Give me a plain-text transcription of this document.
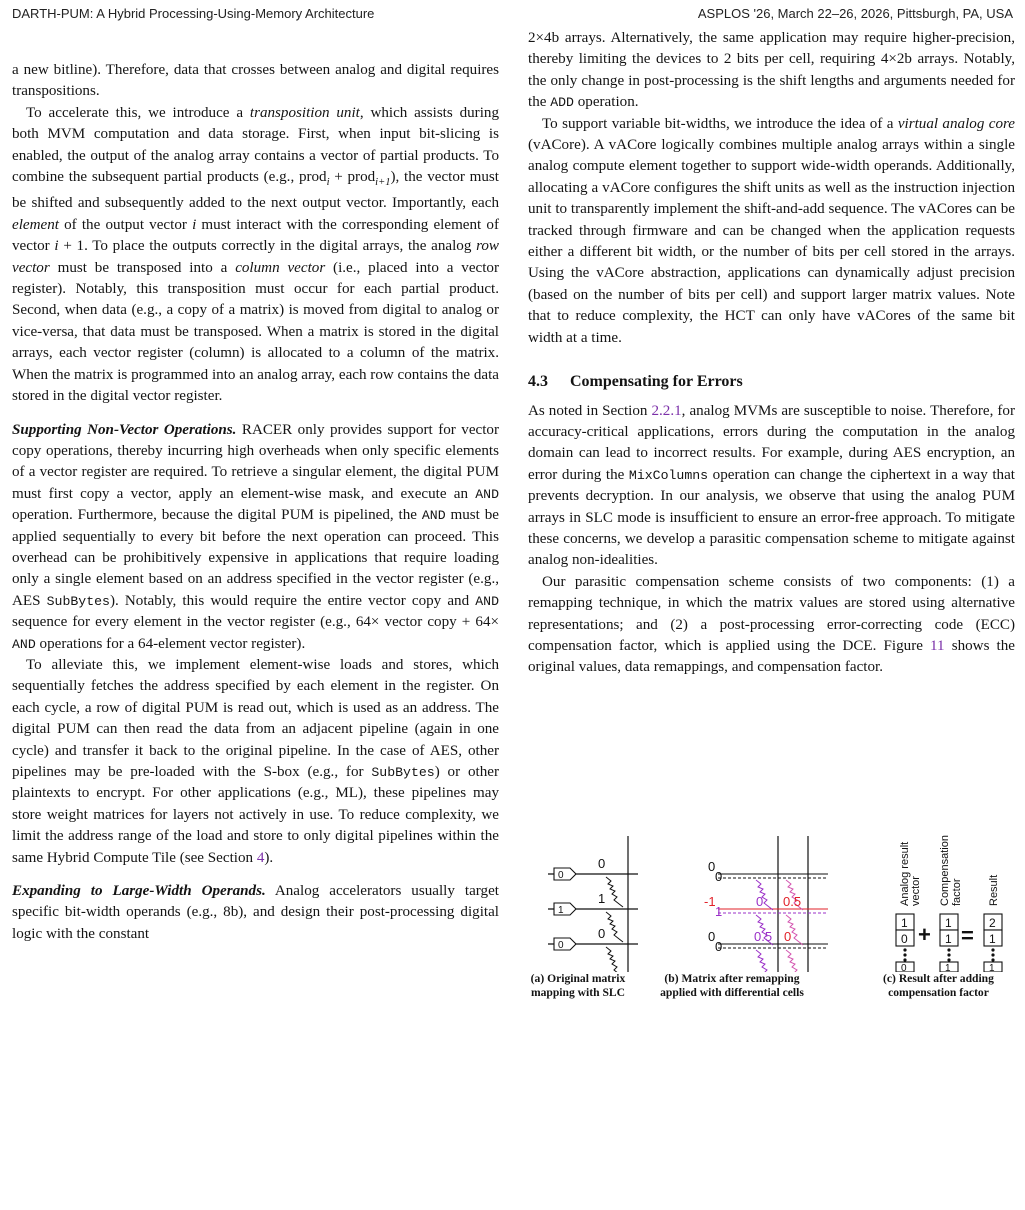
DARTH-PUM: A Hybrid Processing-Using-Memory Architecture	ASPLOS '26, March 22–26, 2026, Pittsburgh, PA, USA

a new bitline). Therefore, data that crosses between analog and digital requires transpositions.

To accelerate this, we introduce a transposition unit, which assists during both MVM computation and data storage. First, when input bit-slicing is enabled, the output of the analog array contains a vector of partial products. To combine the subsequent partial products (e.g., prod$_i$ + prod$_{i+1}$), the vector must be shifted and subsequently added to the next output vector. Importantly, each element of the output vector i must interact with the corresponding element of vector i + 1. To place the outputs correctly in the digital arrays, the analog row vector must be transposed into a column vector (i.e., placed into a vector register). Notably, this transposition must occur for each partial product. Second, when data (e.g., a copy of a matrix) is moved from digital to analog or vice-versa, that data must be transposed. When a matrix is stored in the digital arrays, each vector register (column) is allocated to a column of the matrix. When the matrix is programmed into an analog array, each row contains the data stored in the digital vector register.

Supporting Non-Vector Operations. RACER only provides support for vector copy operations, thereby incurring high overheads when only specific elements of a vector register are required. To retrieve a singular element, the digital PUM must first copy a vector, apply an element-wise mask, and execute an AND operation. Furthermore, because the digital PUM is pipelined, the AND must be applied sequentially to every bit before the next operation can proceed. This overhead can be prohibitively expensive in applications that require loading only a single element based on an address specified in the vector register (e.g., AES SubBytes). Notably, this would require the entire vector copy and AND sequence for every element in the vector register (e.g., 64× vector copy + 64× AND operations for a 64-element vector register).

To alleviate this, we implement element-wise loads and stores, which sequentially fetches the address specified by each element in the register. On each cycle, a row of digital PUM is read out, which is used as an address. The digital PUM can then read the data from an adjacent pipeline (again in one cycle) and transfer it back to the original pipeline. In the case of AES, other pipelines may be pre-loaded with the S-box (e.g., for SubBytes) or other plaintexts to encrypt. For other applications (e.g., ML), these pipelines may store weight matrices for layers not actively in use. To reduce complexity, we limit the address range of the load and store to only digital pipelines within the same Hybrid Compute Tile (see Section 4).

Expanding to Large-Width Operands. Analog accelerators usually target specific bit-width operands (e.g., 8b), and design their post-processing digital logic with the constant

2×4b arrays. Alternatively, the same application may require higher-precision, thereby limiting the devices to 2 bits per cell, requiring 4×2b arrays. Notably, the only change in post-processing is the shift lengths and arguments needed for the ADD operation.

To support variable bit-widths, we introduce the idea of a virtual analog core (vACore). A vACore logically combines multiple analog arrays within a single analog compute element together to support wide-width operands. Additionally, allocating a vACore configures the shift units as well as the instruction injection unit to transparently implement the shift-and-add sequence. The vACores can be tracked through firmware and can be changed when the application requests either a different bit width, or the number of bits per cell stored in the arrays. Using the vACore abstraction, applications can dynamically adjust precision (based on the number of bits per cell) and support larger matrix values. Note that to reduce complexity, the HCT can only have vACores of the same bit width at a time.

4.3 Compensating for Errors

As noted in Section 2.2.1, analog MVMs are susceptible to noise. Therefore, for accuracy-critical applications, errors during the computation in the analog domain can lead to incorrect results. For example, during AES encryption, an error during the MixColumns operation can change the ciphertext in a way that prevents decryption. In our analysis, we observe that using the analog PUM arrays in SLC mode is insufficient to ensure an error-free approach. To mitigate these concerns, we develop a parasitic compensation scheme to mitigate against analog non-idealities.

Our parasitic compensation scheme consists of two components: (1) a remapping technique, in which the matrix values are stored using alternative representations; and (2) a post-processing error-correcting code (ECC) compensation factor, which is applied using the DCE. Figure 11 shows the original values, data remappings, and compensation factor.

0
1
0
0
1
0
0
-1
0
0
1
0
0
0.5
0.5
0
1
0
0
1
1
1
2
1
1
+ =
Analog result vector Compensation factor Result
(a) Original matrix
mapping with SLC
(b) Matrix after remapping
applied with differential cells
(c) Result after adding
compensation factor
